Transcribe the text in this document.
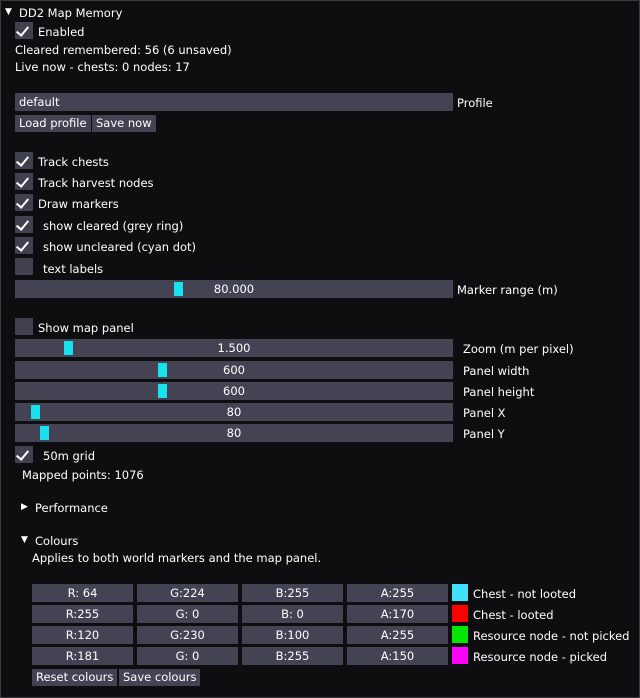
▼ DD2 Map Memory
Enabled
Cleared remembered: 56 (6 unsaved)
Live now - chests: 0 nodes: 17
default	Profile
Load profile Save now
Track chests
Track harvest nodes
Draw markers
show cleared (grey ring)
show uncleared (cyan dot)
text labels
80.000	Marker range (m)
Show map panel
1.500	Zoom (m per pixel)
600	Panel width
600	Panel height
80	Panel X
80	Panel Y
50m grid
Mapped points: 1076
▶ Performance
▼ Colours
Applies to both world markers and the map panel.
R: 64	G:224	B:255	A:255	Chest - not looted
R:255	G: 0	B: 0	A:170	Chest - looted
R:120	G:230	B:100	A:255	Resource node - not picked
R:181	G: 0	B:255	A:150	Resource node - picked
Reset colours Save colours
